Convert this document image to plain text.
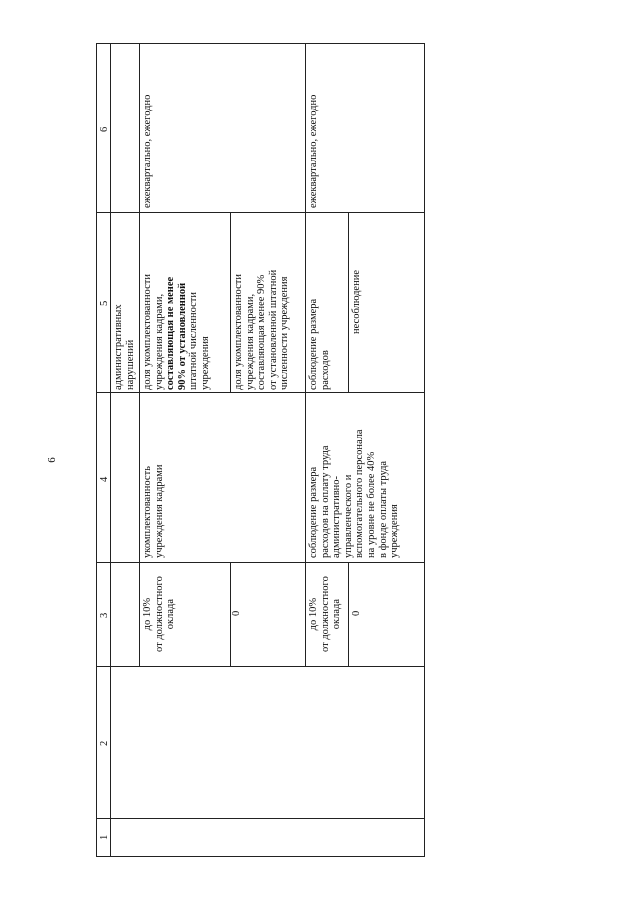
6
6
5
4
3
2
1
административных
нарушений
ежеквартально, ежегодно
доля укомплектованности
учреждения кадрами,
составляющая не менее
90% от установленной
штатной численности
учреждения доля укомплектованности
учреждения кадрами,
составляющая менее 90%
от установленной штатной
численности учреждения
укомплектованность
учреждения кадрами
до 10%
от должностного
оклада	0
ежеквартально, ежегодно
соблюдение размера
расходов
несоблюдение
соблюдение размера
расходов на оплату труда
административно-
управленческого и
вспомогательного персонала
на уровне не более 40%
в фонде оплаты труда
учреждения
до 10%
от должностного
оклада 0
